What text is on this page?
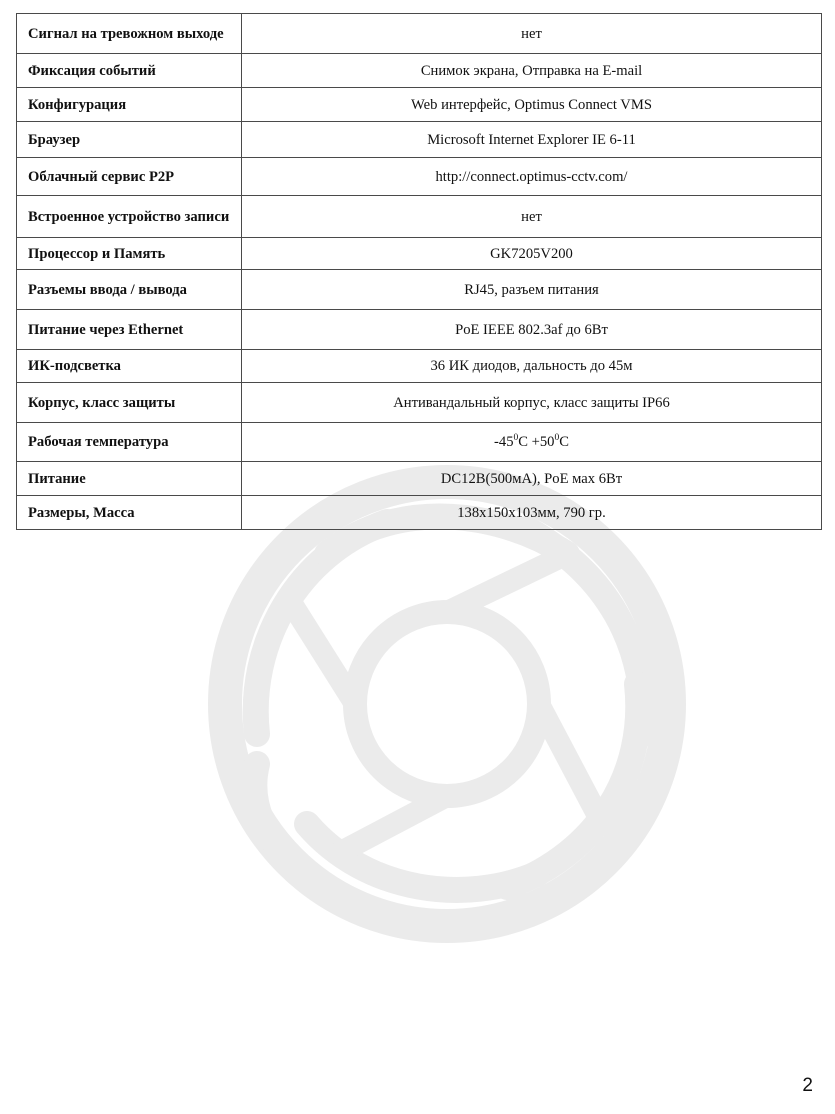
Сигнал на тревожном выходе	нет
Фиксация событий	Снимок экрана, Отправка на E-mail
Конфигурация	Web интерфейс, Optimus Connect VMS
Браузер	Microsoft Internet Explorer IE 6-11
Облачный сервис P2P	http://connect.optimus-cctv.com/
Встроенное устройство записи	нет
Процессор и Память	GK7205V200
Разъемы ввода / вывода	RJ45, разъем питания
Питание через Ethernet	PoE IEEE 802.3af до 6Вт
ИК-подсветка	36 ИК диодов, дальность до 45м
Корпус, класс защиты	Антивандальный корпус, класс защиты IP66
Рабочая температура	$-45^0C +50^0C$
Питание	DC12B(500мА), PoE мах 6Вт
Размеры, Масса	138x150x103мм, 790 гр.
2
